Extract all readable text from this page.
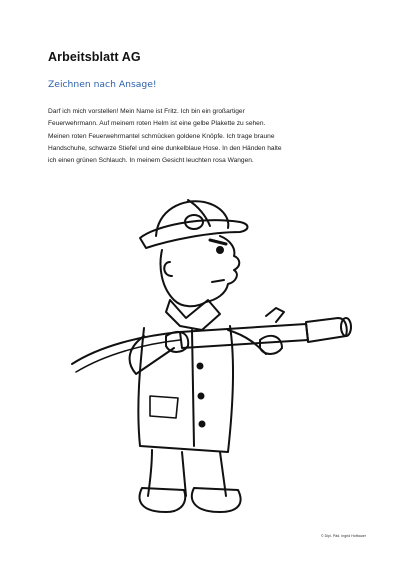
Arbeitsblatt AG
Zeichnen nach Ansage!
Darf ich mich vorstellen! Mein Name ist Fritz. Ich bin ein großartiger
Feuerwehrmann. Auf meinem roten Helm ist eine gelbe Plakette zu sehen.
Meinen roten Feuerwehrmantel schmücken goldene Knöpfe. Ich trage braune
Handschuhe, schwarze Stiefel und eine dunkelblaue Hose. In den Händen halte
ich einen grünen Schlauch. In meinem Gesicht leuchten rosa Wangen.
© Dipl. Päd. Ingrid Hofbauer
